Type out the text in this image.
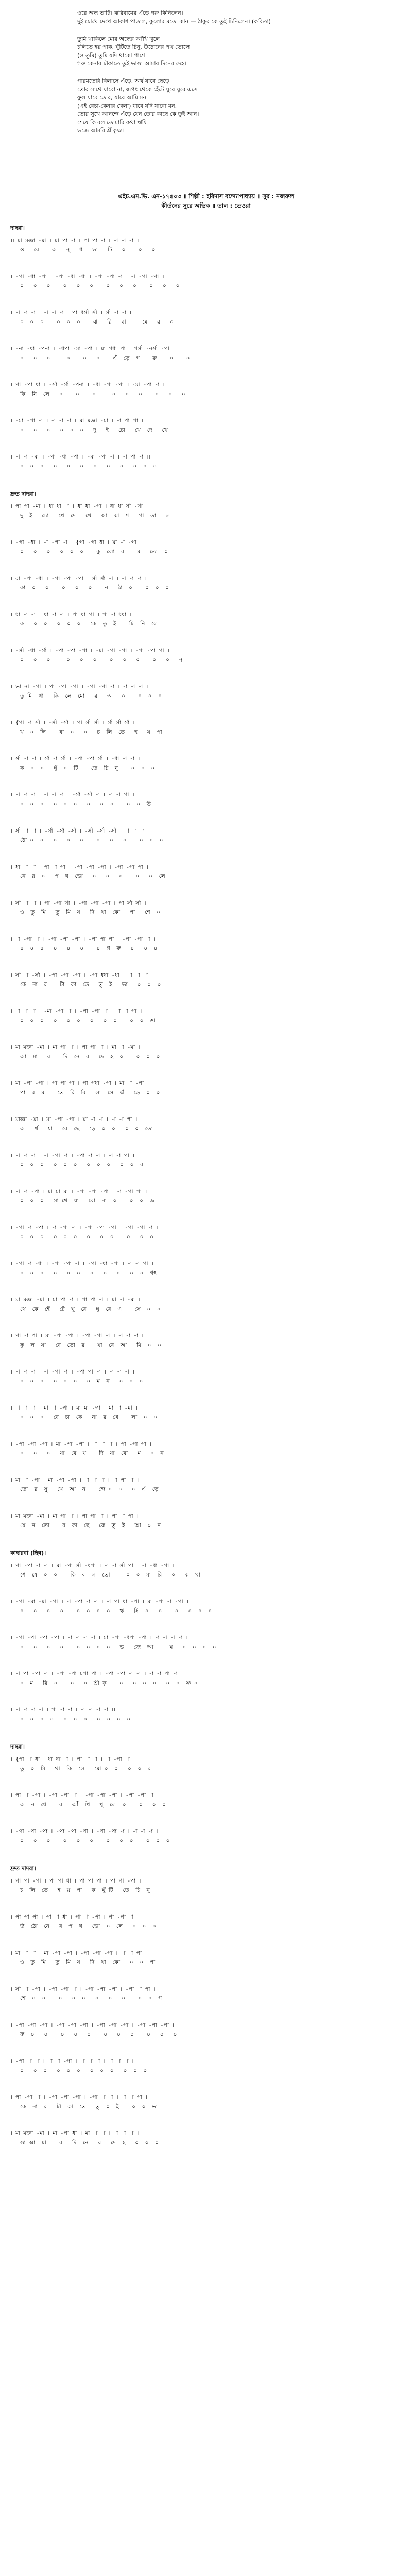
ওরে অন্ধ ভাটি। ঝরিবামের এঁড়ে গরু কিনিলেন।
দুই চোখে দেখে আকাশ পাতাল, কুলোর মতো কান — ঠাকুর কে তুই চিনিলেন। (কবিতা)।
তুমি থাকিলে মোর অন্ধের আঁখি খুলে
চলিতে হয় পাক, ঘুঁটিতে চিনু, উঠোনের পথ ভোলে
(ও তুমি) তুমি যদি থাকো পাশে
গরু কেনার টাকাতে তুই ভাঙা আমার দিনের দেহ।
পারমতেরি বিলাসে এঁড়ে, অর্থ যাবে ছেড়ে
তোর সাথে যাবো না, জগৎ থেকে হেঁটে ঘুরে ঘুরে এসে
ফুল যাবে তোর, যাবে আমি মন
(এই বেচা-কেনার খেলা) যাবে যদি যাবো মন,
তোর সুখে আনন্দে এঁড়ে যেন তোর কাছে কে তুই আন।
শেষে কি বল তোমারি কথা ঋষি
ভজে আমরি শ্রীকৃষ্ণ।
এইচ.এম.ভি. এন-১৭৫০৩ ॥ শিল্পী : হরিদাস বন্দ্যোপাধ্যায় ॥ সুর : নজরুল
কীর্তনের সুরে অভিক ॥ তাল : তেওরা
দাদরা।
।। মা মজ্ঞা -মা । মা পা -া । পা পা -া । -া -া -া ।
ও   রে    অ   ন্   ধ   ভা   টি   ০    ০   ০
। -পা -ধা -পা । -পা -ধা -ধা । -পা -পা -া । -া -পা -পা ।
০   ০   ০    ০   ০   ০    ০   ০   ০    ০   ০   ০
। -া -া -া । -া -া -া । পা ধর্সা র্সা । র্সা -া -া ।
০  ০  ০    ০  ০  ০    ঝ   রি   বা     মে   র   ০
। -না -ধা -পনা । -ধপা -মা -পা । মা পধা পা । পর্সা -নর্সা -পা ।
০   ০   ০     ০    ০   ০    এঁ  ড়ে  গ    রু    ০    ০
। পা -পা ধা । -র্সা -র্সা -পনা । -ধা -পা -পা । -মা -পা -া ।
কি  নি  লে   ০    ০    ০     ০   ০   ০    ০   ০   ০
। -মা -পা -া । -া -া -া । মা মজ্ঞা -মা । -া পা পা ।
০   ০   ০   ০  ০  ০   দু   ই   চো   খে  দে   খে
। -া -া -মা । -পা -ধা -পা । -মা -পা -া । -া পা -া ।।
০  ০  ০   ০   ০   ০   ০   ০   ০   ০  ০  ০
দ্রুত দাদরা।
। পা পা -মা । ধা ধা -া । ধা ধা -পা । ধা ধা র্সা -র্সা ।
দু  ই   চো   খে  দে   খে   আ  কা  শ   পা  তা   ল
। -পা -ধা । -া -পা -া । {পা -পা ধা । মা -া -পা ।
০   ০   ০   ০  ০  ০    কু  লো  র    ম   তো  ০
। বা -পা -ধা । -পা -পা -পা । র্সা র্সা -া । -া -া -া ।
কা  ০   ০    ০   ০   ০    ন   ঠা  ০    ০  ০  ০
। ধা -া -া । ধা -া -া । পা ধা পা । পা -া ধধা ।
ক   ০  ০   ০  ০  ০   কে  তু  ই    চি  নি  লে
। -র্সা -ধা -র্সা । -পা -পা -পা । -মা -পা -পা । -পা -পা পা ।
০   ০   ০     ০   ০   ০    ০   ০   ০    ০   ০   ন
। ভা না -পা । পা -পা -পা । -পা -পা -া । -া -া -া ।
তু মি  থা   কি  লে  মো   র   অ   ০    ০  ০  ০
। {পা -া র্সা । -র্সা -র্সা । পা র্সা র্সা । র্সা র্সা র্সা ।
খ  ০  লি    খা  ০   ০   চ  লি  তে   হ   য়  পা
। র্সা -া -া । র্সা -া র্সা । -পা -পা র্সা । -ধা -া -া ।
ক  ০  ০   ঘুঁ  ০  টি    তে  চি  নু    ০  ০  ০
। -া -া -া । -া -া -া । -র্সা -র্সা -া । -া -া পা ।
০  ০  ০   ০  ০  ০   ০   ০  ০    ০  ০  উ
। র্সা -া -া । -র্সা -র্সা -র্সা । -র্সা -র্সা -র্সা । -া -া -া ।
ঠো ০  ০   ০   ০   ০    ০   ০   ০    ০  ০  ০
। ধা -া -া । পা -া পা । -পা -পা -পা । -পা -পা পা ।
নে  র  ০   প  থ  ভো   ০   ০   ০    ০   ০  লে
। র্সা -া -া । পা -পা র্সা । -পা -পা -পা । পা র্সা র্সা ।
ও  তু  মি   তু  মি  য   দি  থা  কো   পা   শে  ০
। -া -পা -া । -পা -পা -পা । -পা পা পা । -পা -পা -া ।
০  ০  ০   ০   ০   ০    ০  গ  রু   ০   ০  ০
। র্সা -া -র্সা । -পা -পা -পা । -পা ধধা -ধা । -া -া -া ।
কে  না  র    টা  কা  তে   তু  ই   ভা   ০  ০  ০
। -া -া -া । -মা -পা -া । -পা -পা -া । -া -া পা ।
০  ০  ০   ০   ০  ০   ০   ০  ০    ০  ০  ঙা
। মা মজ্ঞা -মা । মা পা -া । পা পা -া । মা -া -মা ।
আ  মা   র    দি  নে  র   দে  হ  ০    ০  ০  ০
। মা -পা -পা । পা পা পা । পা পধা -পা । মা -া -পা ।
পা  র  ম    তে  রি  বি   লা  সে  এঁ   ড়ে  ০  ০
। মাজ্ঞা -মা । মা -পা -পা । মা -া -া । -া -া পা ।
অ   র্থ   যা   বে  ছে   ড়ে  ০  ০   ০  ০  তো
। -া -া -া । -া -পা -া । -পা -া -া । -া -া পা ।
০  ০  ০   ০  ০  ০   ০  ০  ০   ০  ০  র
। -া -া -পা । মা মা মা । -পা -পা -পা । -া -পা পা ।
০  ০  ০   সা থে  যা   বো  না  ০    ০  ০  জ
। -পা -া -পা । -া -পা -া । -পা -পা -পা । -পা -পা -া ।
০  ০  ০   ০  ০  ০   ০   ০  ০    ০   ০  ০
। -পা -া -ধা । -পা -পা -া । -পা -ধা -পা । -া -া পা ।
০  ০  ০   ০   ০  ০   ০   ০   ০   ০  ০  গৎ
। মা মজ্ঞা -মা । মা পা -া । পা পা -া । মা -া -মা ।
থে  কে  হেঁ   টে  ঘু  রে   ঘু  রে  এ    সে  ০  ০
। পা -া পা । মা -পা -পা । -পা -পা -া । -া -া -া ।
ফু  ল  যা   বে  তো  র    যা  বে  আ   মি  ০  ০
। -া -া -া । -া -পা -া । -পা পা -া । -া -া -া ।
০  ০  ০   ০  ০  ০   ০  ম  ন   ০  ০  ০
। -া -া -া । মা -া -পা । মা মা -পা । মা -া -মা ।
০  ০  ০   বে  চা  কে   না  র  খে    লা  ০  ০
। -পা -পা -পা । মা -পা -পা । -া -া -া । পা -পা পা ।
০   ০   ০   যা  বে  য    দি  যা  বো   ম   ০  ন
। মা -া -পা । মা -পা -পা । -া -া -া । -া পা -া ।
তো  র  সু   খে  আ  ন    ন্দে ০  ০   ০  এঁ  ড়ে
। মা মজ্ঞা -মা । মা পা -া । পা পা -া । পা -া পা ।
যে  ন  তো    র  কা  ছে   কে  তু  ই   আ  ০  ন
কাহারবা (ছিন্ন)।
। পা -পা -া -া । মা -পা র্সা -ধপা । -া -া র্সা পা । -া -ধা -পা ।
শে  ষে  ০  ০    কি  ব  ল  তো     ০  ০  মা  রি   ০   ক  থা
। -পা -মা -মা -পা । -া -পা -া -া । -া পা ধা -পা । মা -পা -া -পা ।
০   ০   ০   ০    ০  ০  ০  ০   ঋ   ষি  ০   ০    ০   ০  ০  ০
। -পা -পা -পা -পা । -া -া -া -া । মা -পা -ধপা -পা । -া -া -া -া ।
০   ০   ০   ০    ০  ০  ০  ০   ভ   জে  আ     ম   ০  ০  ০  ০
। -া পা -পা -া । -পা -পা মপা পা । -পা -পা -া -া । -া -া পা -া ।
০  ম   রি  ০    ০   ০  শ্রী কৃ    ০   ০  ০  ০   ০  ০  ষ্ণ ০
। -া -া -া -া । পা -া -া । -া -া -া -া ।।
০  ০  ০  ০   ০  ০  ০   ০  ০  ০  ০
দাদরা।
। {পা -া ধা । ধা ধা -া । পা -া -া । -া -পা -া ।
তু  ০  মি   থা  কি  লে   মো ০  ০   ০  ০  র
। পা -া -পা । -পা -পা -া । -পা -পা -পা । -পা -পা -া ।
অ  ন  ধে    র   আঁ  খি   খু  লে  ০    ০   ০  ০
। -পা -পা -পা । -পা -পা -পা । -পা -পা -া । -া -া -া ।
০   ০   ০    ০   ০   ০    ০   ০  ০    ০  ০  ০
দ্রুত দাদরা।
। পা পা -পা । পা পা ধা । পা পা পা । পা পা -পা ।
চ  লি  তে   হ  য়  পা   ক  ঘুঁ টি   তে  চি  নু
। পা পা পা । পা -া ধা । পা -া -পা । পা -পা -া ।
উ  ঠো  নে   র  প  থ   ভো  ০  লে   ০  ০  ০
। মা -া -া । মা -পা -পা । -পা -পা -পা । -া -া পা ।
ও  তু  মি   তু  মি  য   দি  থা  কো   ০  ০  পা
। র্সা -া -পা । -পা -পা -া । -পা -পা -পা । -পা -া পা ।
শে  ০  ০    ০   ০  ০   ০   ০   ০    ০  ০  গ
। -পা -পা -পা । -পা -পা -পা । -পা -পা -পা । -পা -পা -পা ।
রু  ০   ০    ০   ০   ০    ০   ০   ০    ০   ০   ০
। -পা -া -া । -া -া -পা । -া -া -া । -া -া -া ।
০   ০  ০   ০  ০  ০   ০  ০  ০   ০  ০  ০
। পা -পা -া । -পা -পা -পা । -পা -া -া । -া -া পা ।
কে  না  র   টা  কা  তে   তু  ০  ই    ০  ০  ভা
। মা মজ্ঞা -মা । মা -পা ধা । মা -া -া । -া -া -া ।।
ঙা আ  মা    র   দি  নে   র   দে  হ   ০  ০  ০
